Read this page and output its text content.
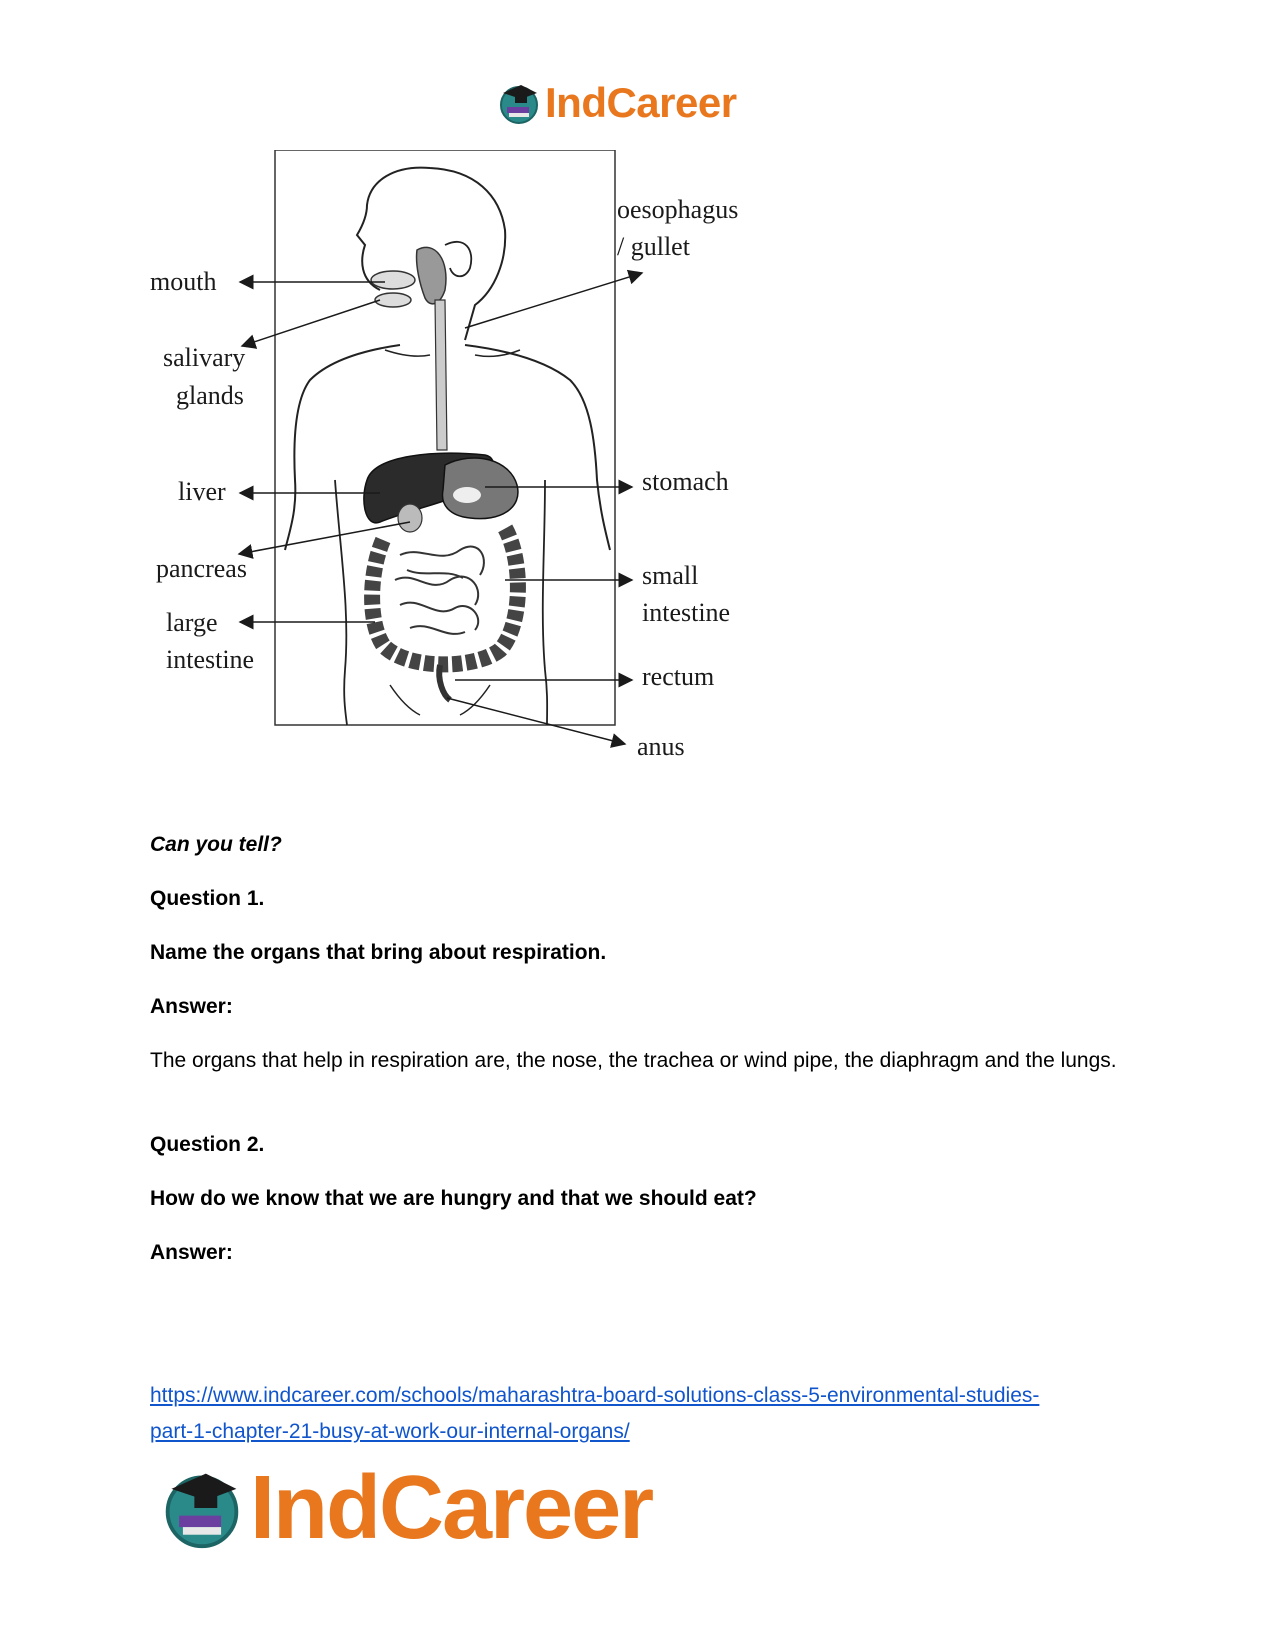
IndCareer
mouth
salivary
glands
liver
pancreas
large
intestine
oesophagus
/ gullet
stomach
small
intestine
rectum
anus
Can you tell?
Question 1.
Name the organs that bring about respiration.
Answer:
The organs that help in respiration are, the nose, the trachea or wind pipe, the diaphragm and the lungs.
Question 2.
How do we know that we are hungry and that we should eat?
Answer:
https://www.indcareer.com/schools/maharashtra-board-solutions-class-5-environmental-studies-
part-1-chapter-21-busy-at-work-our-internal-organs/
IndCareer
